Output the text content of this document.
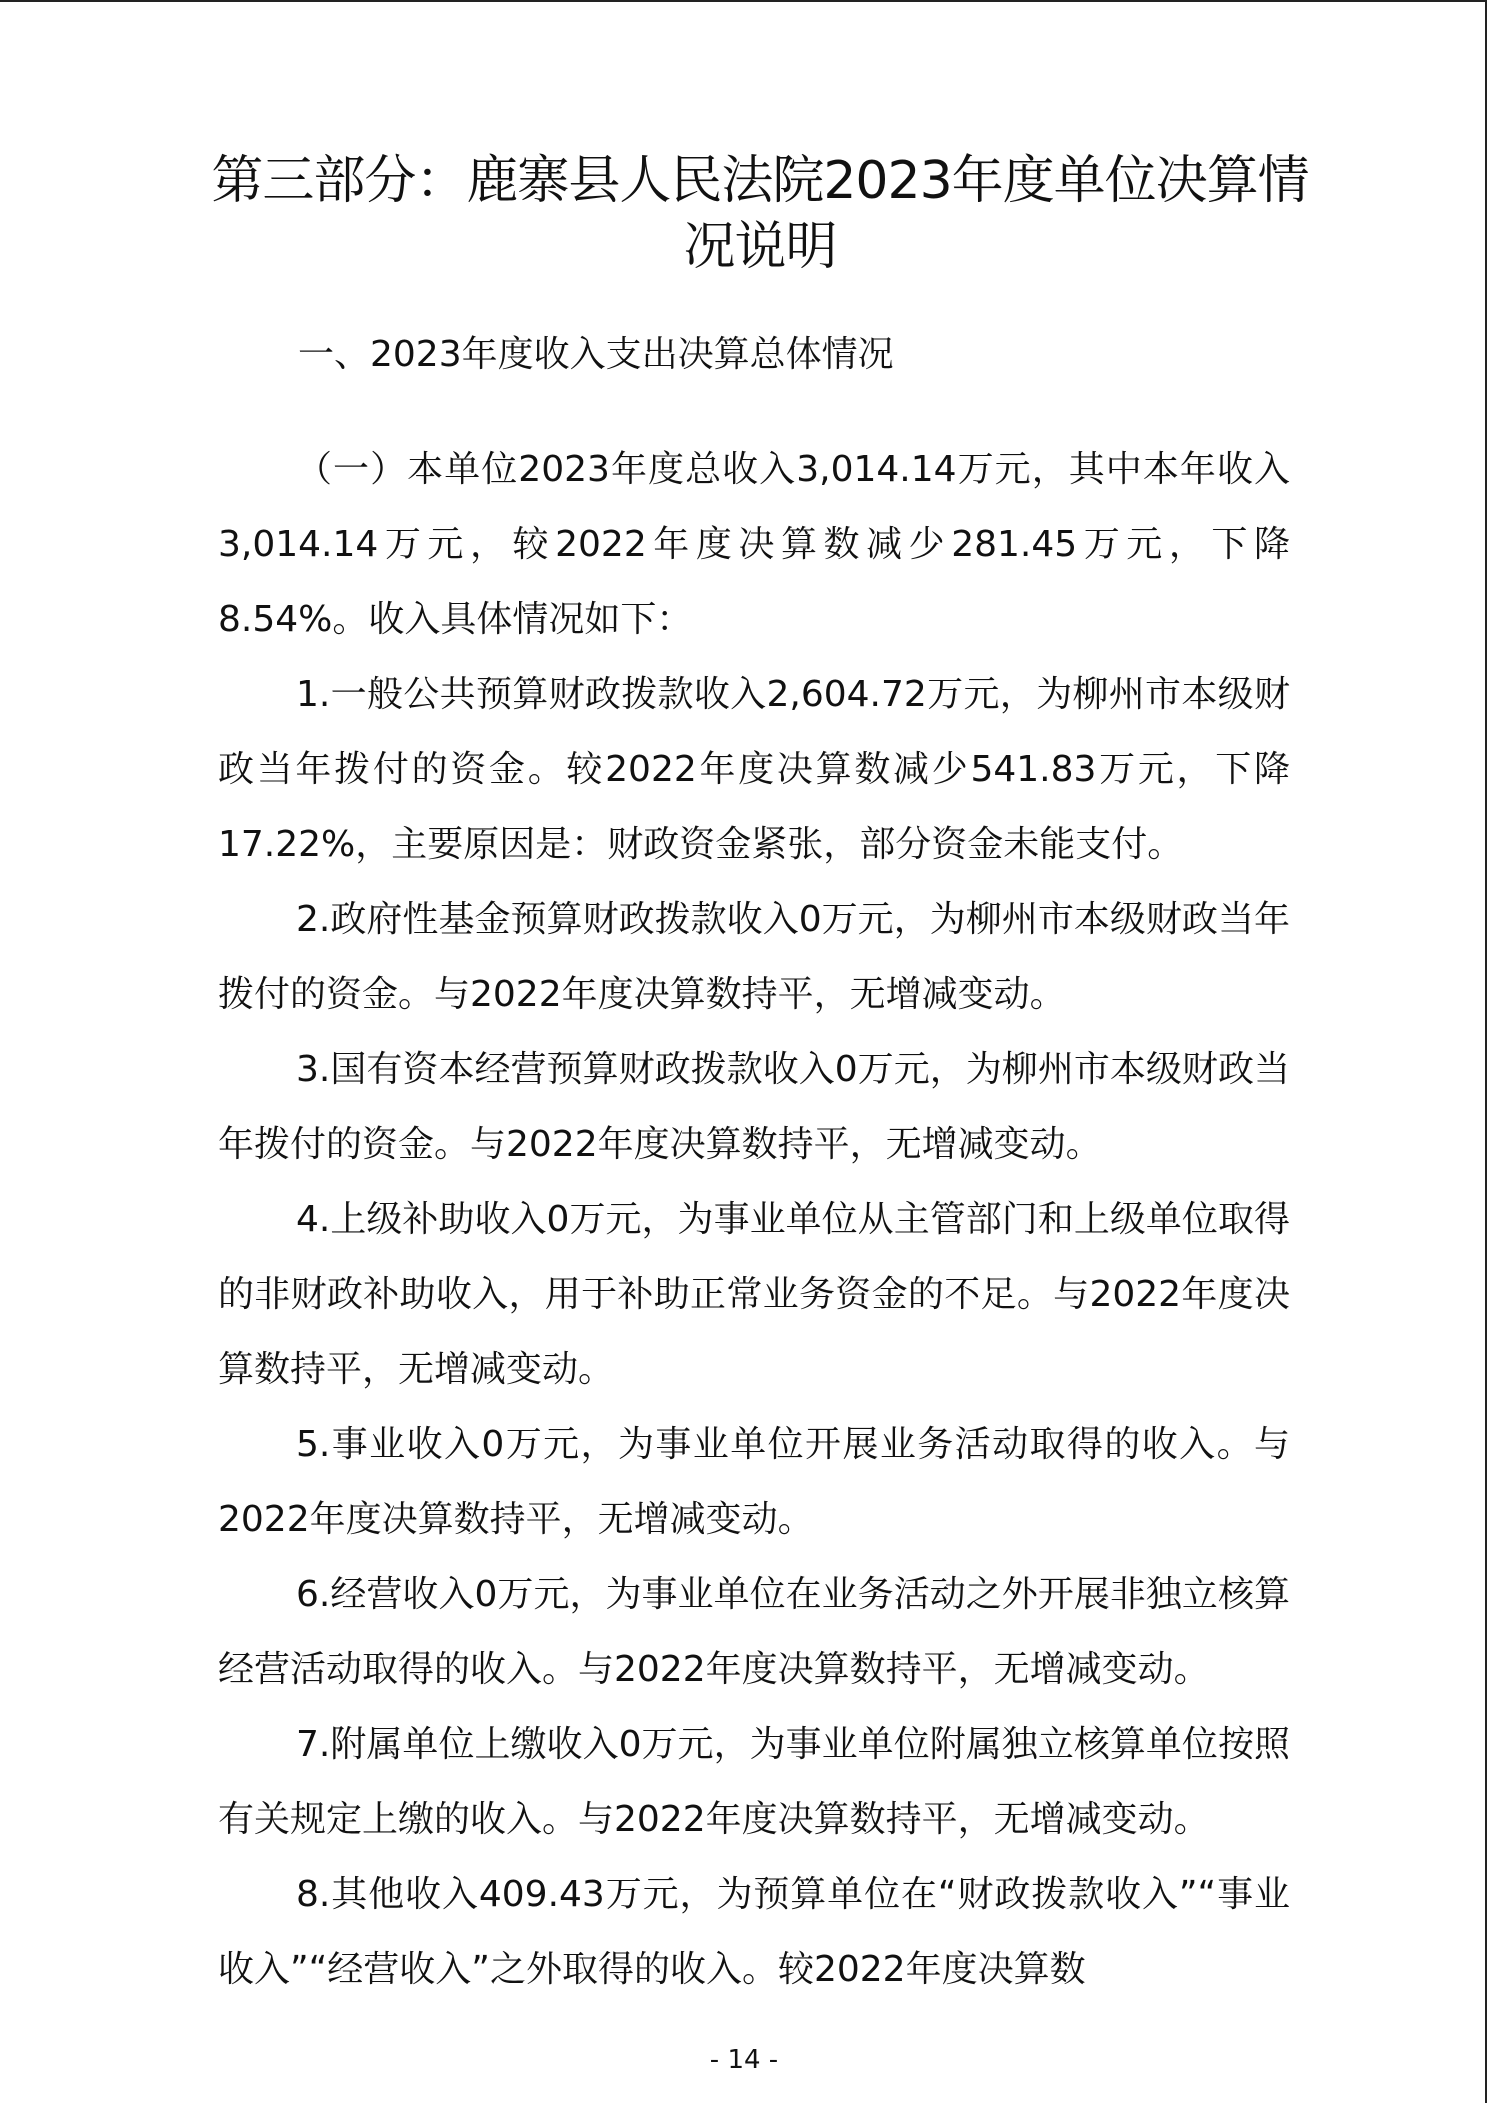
第三部分：鹿寨县人民法院2023年度单位决算情况说明
一、2023年度收入支出决算总体情况

（一）本单位2023年度总收入3,014.14万元，其中本年收入3,014.14万元，较2022年度决算数减少281.45万元，下降8.54%。收入具体情况如下：

1.一般公共预算财政拨款收入2,604.72万元，为柳州市本级财政当年拨付的资金。较2022年度决算数减少541.83万元，下降17.22%，主要原因是：财政资金紧张，部分资金未能支付。

2.政府性基金预算财政拨款收入0万元，为柳州市本级财政当年拨付的资金。与2022年度决算数持平，无增减变动。

3.国有资本经营预算财政拨款收入0万元，为柳州市本级财政当年拨付的资金。与2022年度决算数持平，无增减变动。

4.上级补助收入0万元，为事业单位从主管部门和上级单位取得的非财政补助收入，用于补助正常业务资金的不足。与2022年度决算数持平，无增减变动。

5.事业收入0万元，为事业单位开展业务活动取得的收入。与2022年度决算数持平，无增减变动。

6.经营收入0万元，为事业单位在业务活动之外开展非独立核算经营活动取得的收入。与2022年度决算数持平，无增减变动。

7.附属单位上缴收入0万元，为事业单位附属独立核算单位按照有关规定上缴的收入。与2022年度决算数持平，无增减变动。

8.其他收入409.43万元，为预算单位在“财政拨款收入”“事业收入”“经营收入”之外取得的收入。较2022年度决算数

- 14 -
